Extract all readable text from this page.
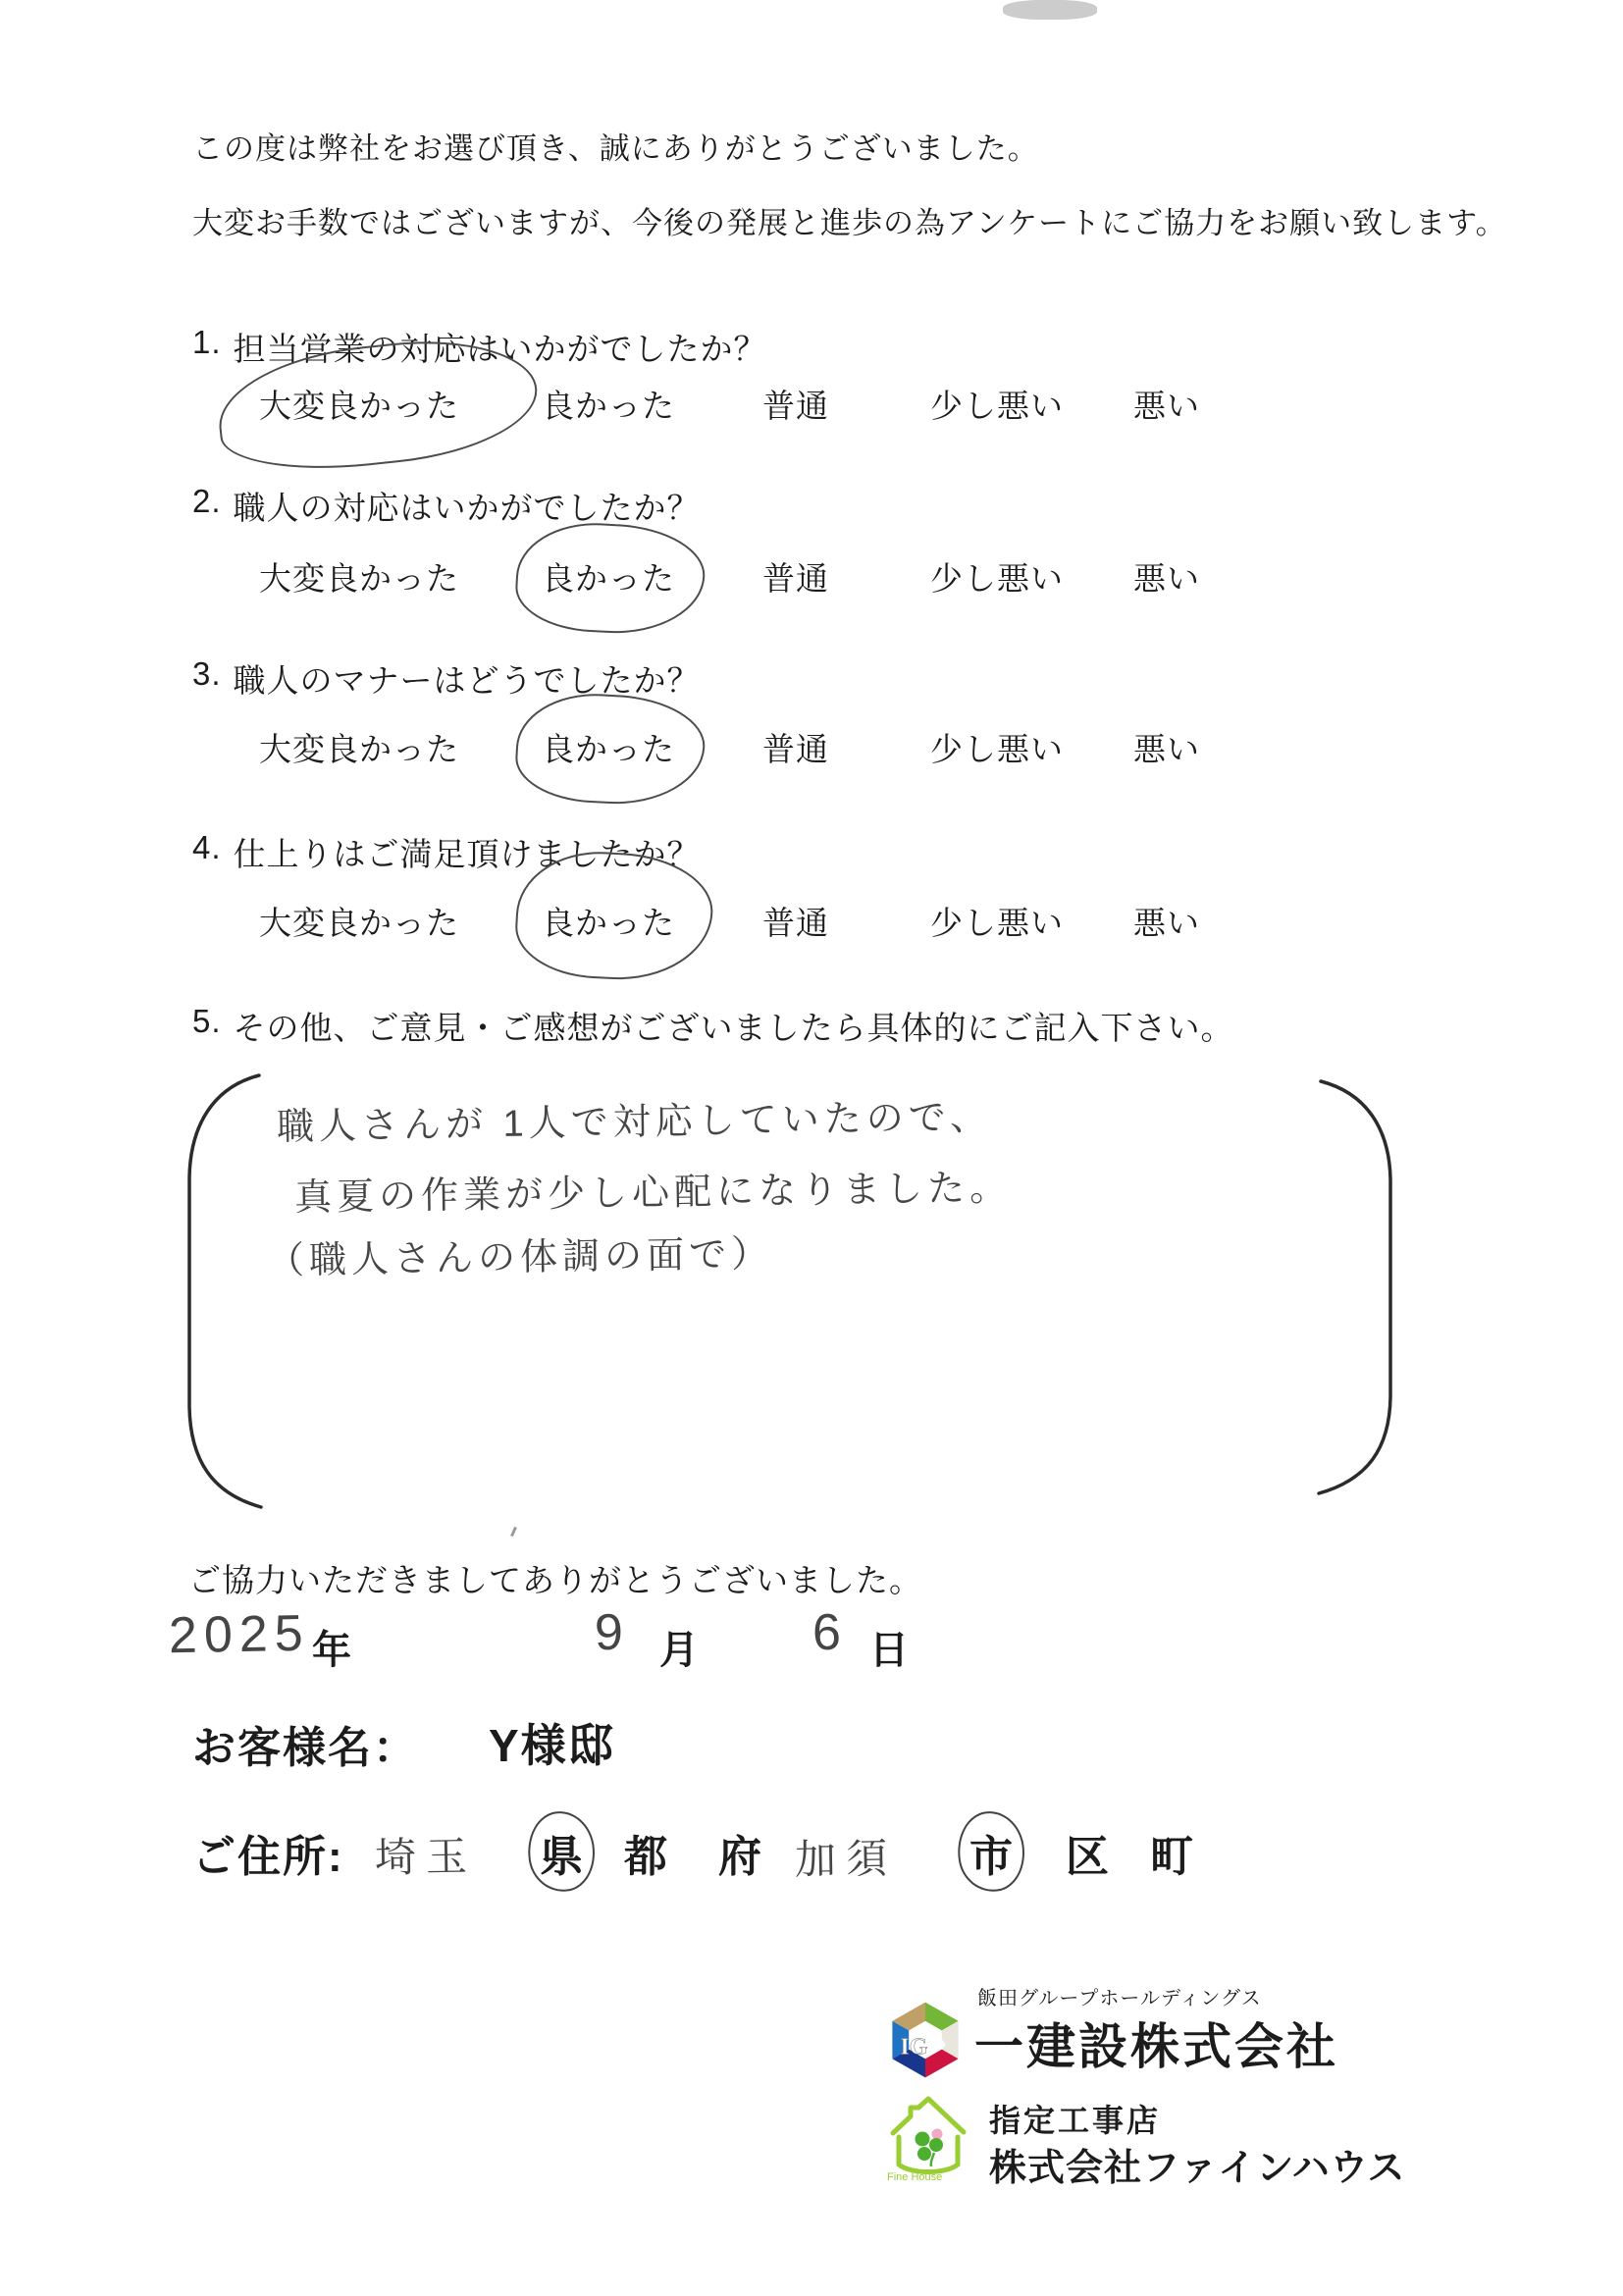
この度は弊社をお選び頂き、誠にありがとうございました。
大変お手数ではございますが、今後の発展と進歩の為アンケートにご協力をお願い致します。
1. 担当営業の対応はいかがでしたか？
大変良かった	良かった	普通	少し悪い 悪い
2. 職人の対応はいかがでしたか？
大変良かった	良かった	普通	少し悪い 悪い
3. 職人のマナーはどうでしたか？
大変良かった	良かった	普通	少し悪い 悪い
4. 仕上りはご満足頂けましたか？
大変良かった	良かった	普通	少し悪い 悪い
5. その他、ご意見・ご感想がございましたら具体的にご記入下さい。
職人さんが 1人で対応していたので、
真夏の作業が少し心配になりました。
（職人さんの体調の面で）
ご協力いただきましてありがとうございました。
2025 年	9 月 6 日
お客様名： Y様邸
ご住所: 埼玉 県 都 府 加須 市 区 町
IG
飯田グループホールディングス
一建設株式会社
Fine House
指定工事店
株式会社ファインハウス
